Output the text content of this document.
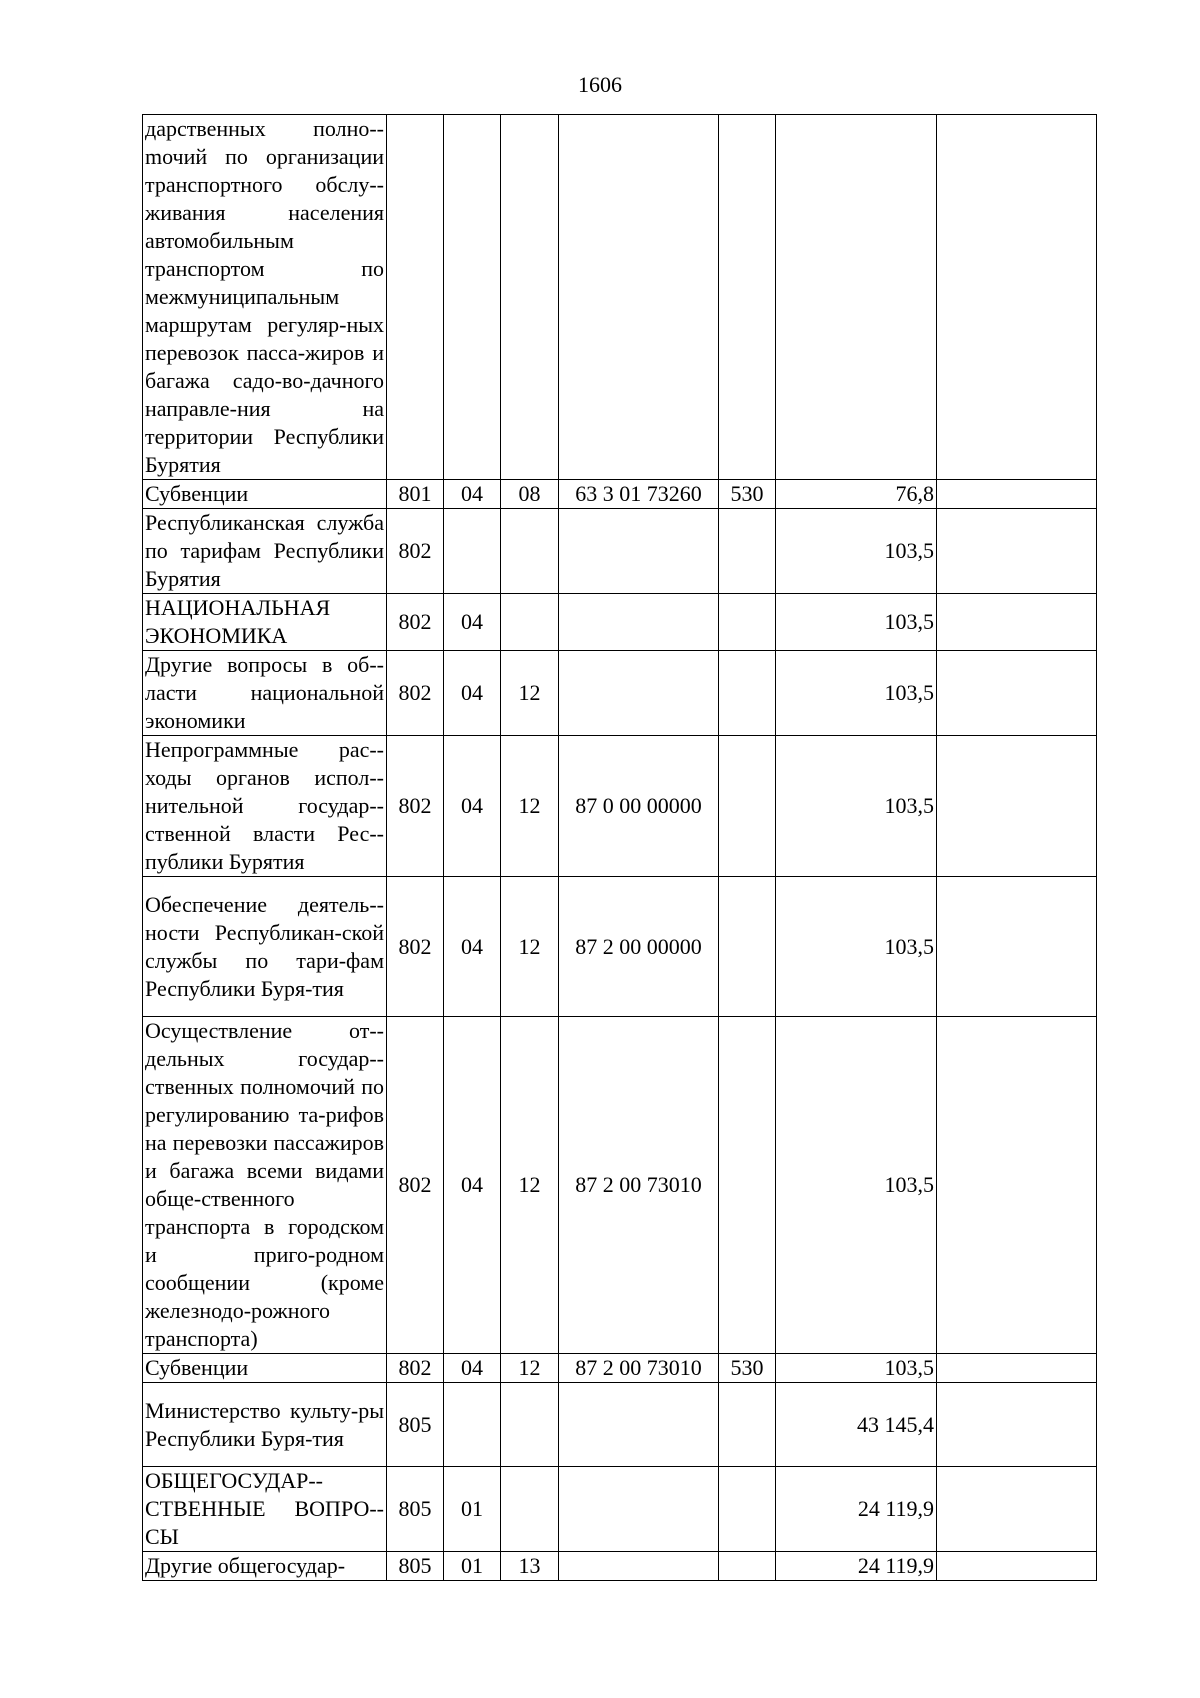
1606
дарственных полно-mочий по организации транспортного обслу-живания населения автомобильным транспортом по межмуниципальным маршрутам регуляр-ных перевозок пасса-жиров и багажа садо-во-дачного направле-ния на территории Республики Бурятия							
Субвенции	801	04	08	63 3 01 73260	530	76,8	
Республиканская служба по тарифам Республики Бурятия	802					103,5	
НАЦИОНАЛЬНАЯ ЭКОНОМИКА	802	04				103,5	
Другие вопросы в об-ласти национальной экономики	802	04	12			103,5	
Непрограммные рас-ходы органов испол-нительной государ-ственной власти Рес-публики Бурятия	802	04	12	87 0 00 00000		103,5	
Обеспечение деятель-ности Республикан-ской службы по тари-фам Республики Буря-тия	802	04	12	87 2 00 00000		103,5	
Осуществление от-дельных государ-ственных полномочий по регулированию та-рифов на перевозки пассажиров и багажа всеми видами обще-ственного транспорта в городском и приго-родном сообщении (кроме железнодо-рожного транспорта)	802	04	12	87 2 00 73010		103,5	
Субвенции	802	04	12	87 2 00 73010	530	103,5	
Министерство культу-ры Республики Буря-тия	805					43 145,4	
ОБЩЕГОСУДАР-СТВЕННЫЕ ВОПРО-СЫ	805	01				24 119,9	
Другие общегосудар-	805	01	13			24 119,9	
